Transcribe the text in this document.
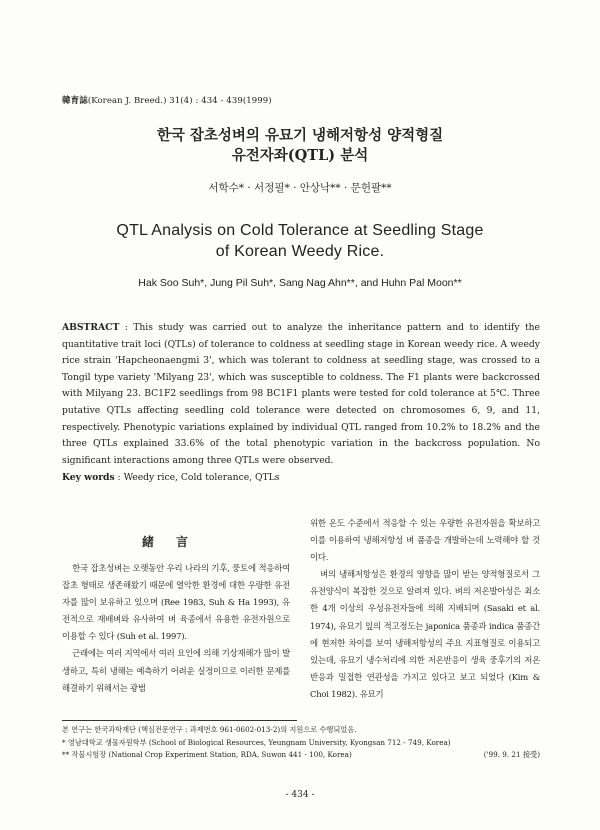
韓育誌(Korean J. Breed.) 31(4) : 434 - 439(1999)
한국 잡초성벼의 유묘기 냉해저항성 양적형질
유전자좌(QTL) 분석
서학수* · 서정필* · 안상낙** · 문헌팔**
QTL Analysis on Cold Tolerance at Seedling Stage
of Korean Weedy Rice.
Hak Soo Suh*, Jung Pil Suh*, Sang Nag Ahn**, and Huhn Pal Moon**
ABSTRACT : This study was carried out to analyze the inheritance pattern and to identify the quantitative trait loci (QTLs) of tolerance to coldness at seedling stage in Korean weedy rice. A weedy rice strain 'Hapcheonaengmi 3', which was tolerant to coldness at seedling stage, was crossed to a Tongil type variety 'Milyang 23', which was susceptible to coldness. The F1 plants were backcrossed with Milyang 23. BC1F2 seedlings from 98 BC1F1 plants were tested for cold tolerance at 5℃. Three putative QTLs affecting seedling cold tolerance were detected on chromosomes 6, 9, and 11, respectively. Phenotypic variations explained by individual QTL ranged from 10.2% to 18.2% and the three QTLs explained 33.6% of the total phenotypic variation in the backcross population. No significant interactions among three QTLs were observed.
Key words : Weedy rice, Cold tolerance, QTLs
緒言

한국 잡초성벼는 오랫동안 우리 나라의 기후, 풍토에 적응하여 잡초 형태로 생존해왔기 때문에 열악한 환경에 대한 우량한 유전자를 많이 보유하고 있으며 (Ree 1983, Suh & Ha 1993), 유전적으로 재배벼와 유사하여 벼 육종에서 유용한 유전자원으로 이용할 수 있다 (Suh et al. 1997).

근래에는 여러 지역에서 여러 요인에 의해 기상재해가 많이 발생하고, 특히 냉해는 예측하기 어려운 실정이므로 이러한 문제를 해결하기 위해서는 광범

위한 온도 수준에서 적응할 수 있는 우량한 유전자원을 확보하고 이를 이용하여 냉해저항성 벼 품종을 개발하는데 노력해야 할 것이다.

벼의 냉해저항성은 환경의 영향을 많이 받는 양적형질로서 그 유전양식이 복잡한 것으로 알려져 있다. 벼의 저온발아성은 최소한 4개 이상의 우성유전자들에 의해 지배되며 (Sasaki et al. 1974), 유묘기 잎의 적고정도는 japonica 품종과 indica 품종간에 현저한 차이를 보여 냉해저항성의 주요 지표형질로 이용되고 있는데, 유묘기 냉수처리에 의한 저온반응이 생육 중후기의 저온반응과 밀접한 연관성을 가지고 있다고 보고 되었다 (Kim & Choi 1982). 유묘기

본 연구는 한국과학재단 (핵심전문연구 : 과제번호 961-0602-013-2)의 지원으로 수행되었음.
* 영남대학교 생물자원학부 (School of Biological Resources, Yeungnam University, Kyongsan 712 - 749, Korea)
** 작물시험장 (National Crop Experiment Station, RDA, Suwon 441 - 100, Korea)	('99. 9. 21 接受)
- 434 -
